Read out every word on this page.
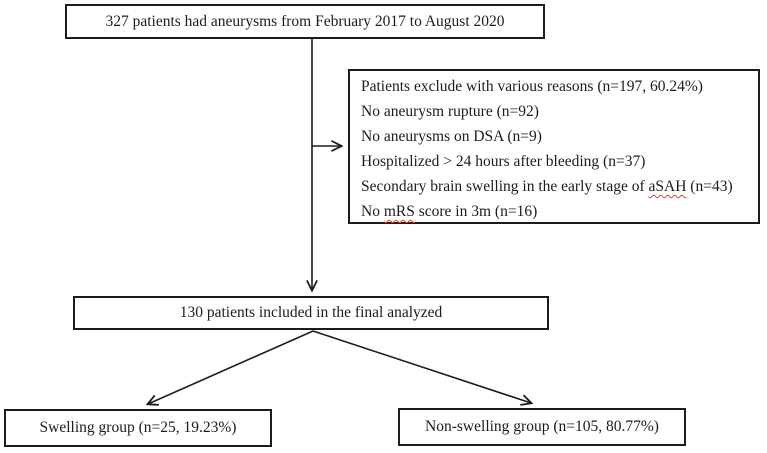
327 patients had aneurysms from February 2017 to August 2020
Patients exclude with various reasons (n=197, 60.24%)
No aneurysm rupture (n=92)
No aneurysms on DSA (n=9)
Hospitalized > 24 hours after bleeding (n=37)
Secondary brain swelling in the early stage of aSAH (n=43)
No mRS score in 3m (n=16)
130 patients included in the final analyzed
Swelling group (n=25, 19.23%)	Non-swelling group (n=105, 80.77%)
